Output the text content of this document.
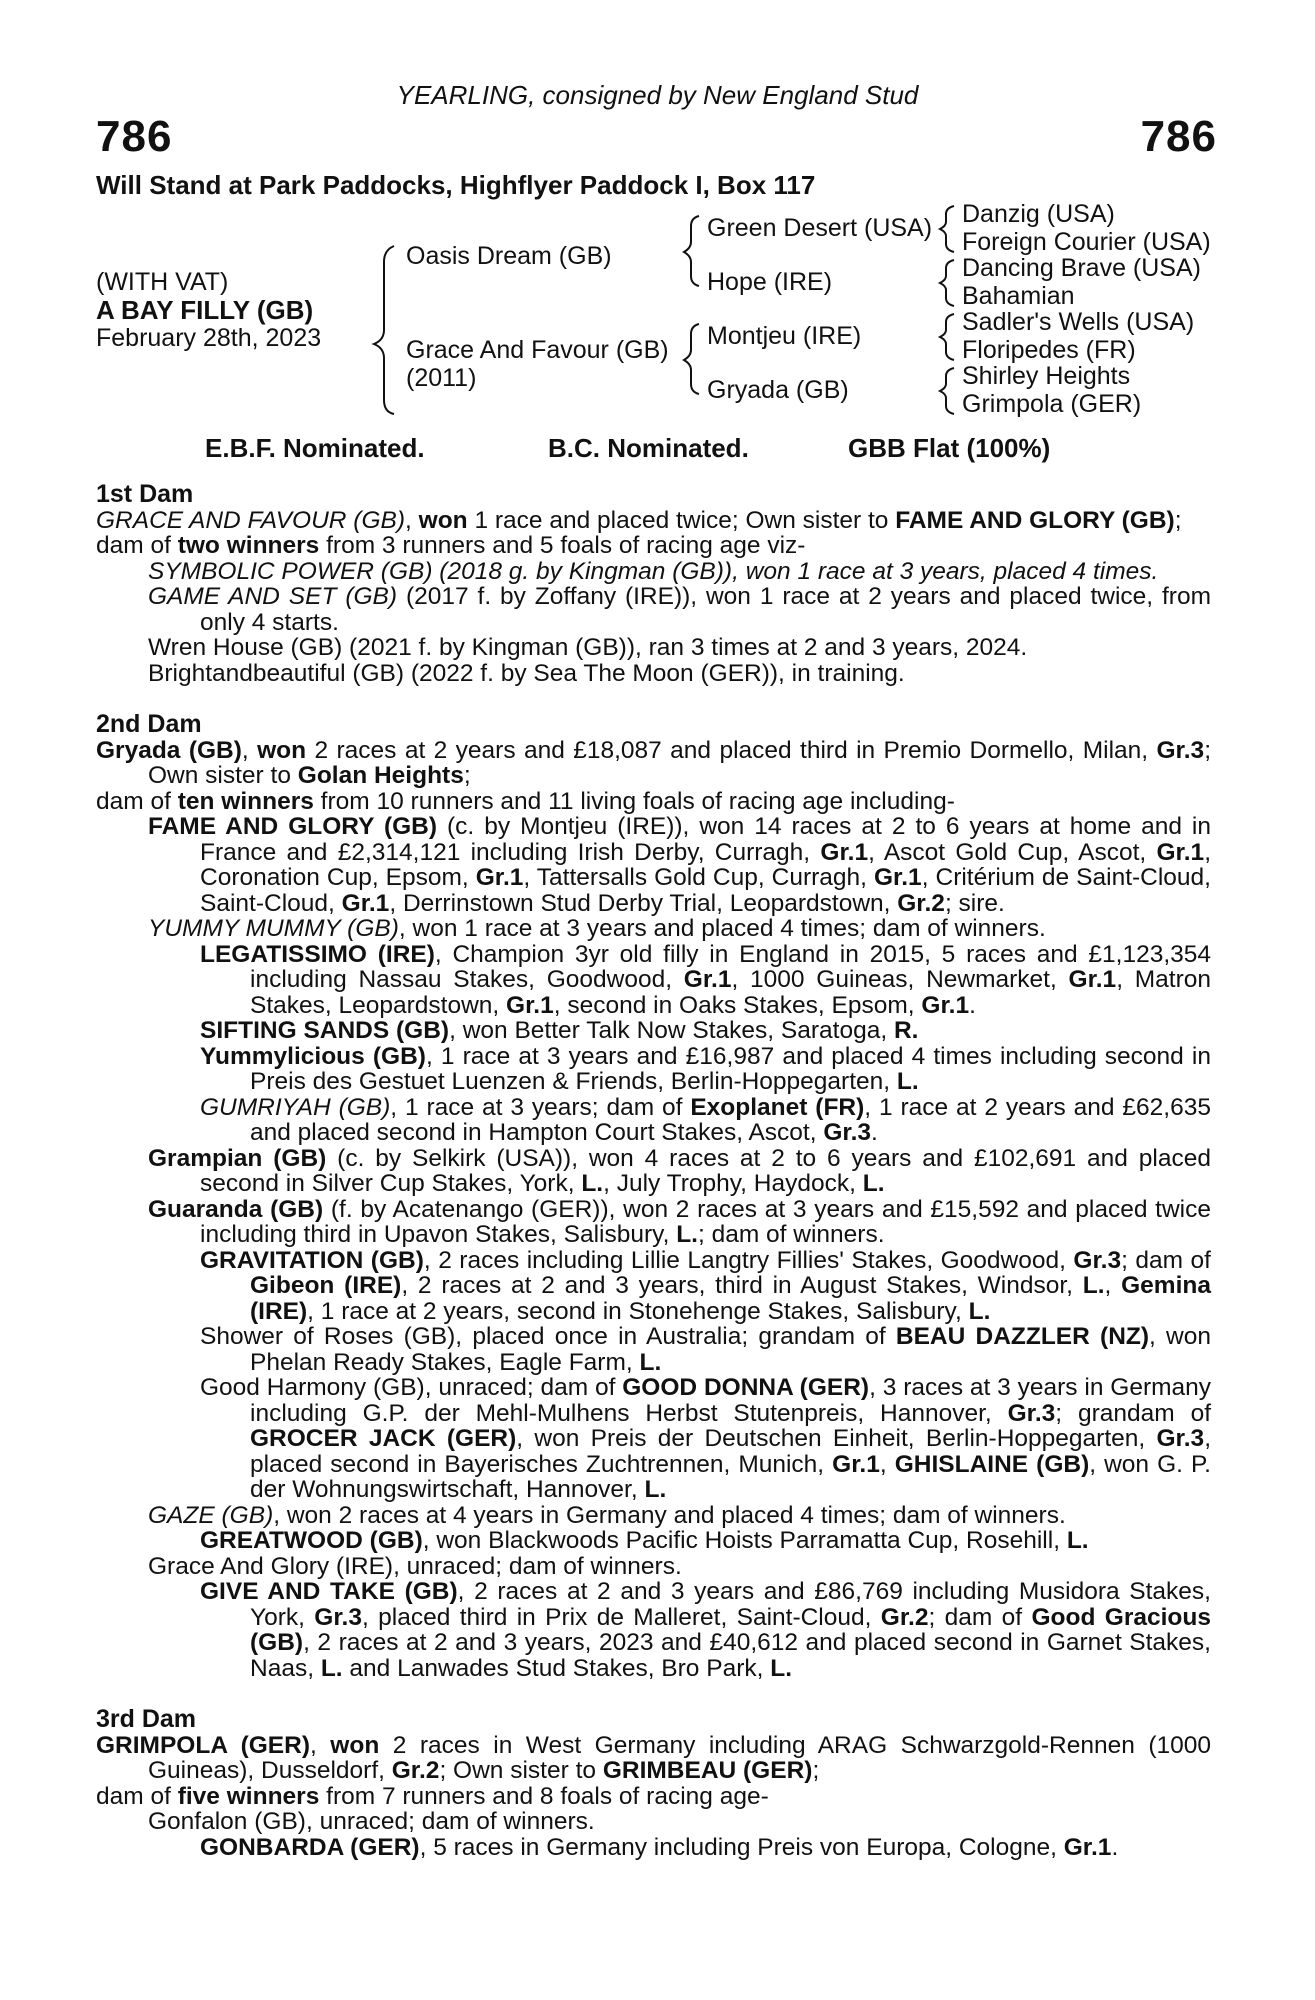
YEARLING, consigned by New England Stud
786	786
Will Stand at Park Paddocks, Highflyer Paddock I, Box 117
(WITH VAT)
A BAY FILLY (GB)
February 28th, 2023
Oasis Dream (GB)
Grace And Favour (GB)
(2011)
Green Desert (USA)
Hope (IRE)
Montjeu (IRE)
Gryada (GB)
Danzig (USA)
Foreign Courier (USA)
Dancing Brave (USA)
Bahamian
Sadler's Wells (USA)
Floripedes (FR)
Shirley Heights
Grimpola (GER)
E.B.F. Nominated.	B.C. Nominated.	GBB Flat (100%)

1st Dam

GRACE AND FAVOUR (GB), won 1 race and placed twice; Own sister to FAME AND GLORY (GB);

dam of two winners from 3 runners and 5 foals of racing age viz-

SYMBOLIC POWER (GB) (2018 g. by Kingman (GB)), won 1 race at 3 years, placed 4 times.

GAME AND SET (GB) (2017 f. by Zoffany (IRE)), won 1 race at 2 years and placed twice, from only 4 starts.

Wren House (GB) (2021 f. by Kingman (GB)), ran 3 times at 2 and 3 years, 2024.

Brightandbeautiful (GB) (2022 f. by Sea The Moon (GER)), in training.

2nd Dam

Gryada (GB), won 2 races at 2 years and £18,087 and placed third in Premio Dormello, Milan, Gr.3; Own sister to Golan Heights;

dam of ten winners from 10 runners and 11 living foals of racing age including-

FAME AND GLORY (GB) (c. by Montjeu (IRE)), won 14 races at 2 to 6 years at home and in France and £2,314,121 including Irish Derby, Curragh, Gr.1, Ascot Gold Cup, Ascot, Gr.1, Coronation Cup, Epsom, Gr.1, Tattersalls Gold Cup, Curragh, Gr.1, Critérium de Saint-Cloud, Saint-Cloud, Gr.1, Derrinstown Stud Derby Trial, Leopardstown, Gr.2; sire.

YUMMY MUMMY (GB), won 1 race at 3 years and placed 4 times; dam of winners.

LEGATISSIMO (IRE), Champion 3yr old filly in England in 2015, 5 races and £1,123,354 including Nassau Stakes, Goodwood, Gr.1, 1000 Guineas, Newmarket, Gr.1, Matron Stakes, Leopardstown, Gr.1, second in Oaks Stakes, Epsom, Gr.1.

SIFTING SANDS (GB), won Better Talk Now Stakes, Saratoga, R.

Yummylicious (GB), 1 race at 3 years and £16,987 and placed 4 times including second in Preis des Gestuet Luenzen & Friends, Berlin-Hoppegarten, L.

GUMRIYAH (GB), 1 race at 3 years; dam of Exoplanet (FR), 1 race at 2 years and £62,635 and placed second in Hampton Court Stakes, Ascot, Gr.3.

Grampian (GB) (c. by Selkirk (USA)), won 4 races at 2 to 6 years and £102,691 and placed second in Silver Cup Stakes, York, L., July Trophy, Haydock, L.

Guaranda (GB) (f. by Acatenango (GER)), won 2 races at 3 years and £15,592 and placed twice including third in Upavon Stakes, Salisbury, L.; dam of winners.

GRAVITATION (GB), 2 races including Lillie Langtry Fillies' Stakes, Goodwood, Gr.3; dam of Gibeon (IRE), 2 races at 2 and 3 years, third in August Stakes, Windsor, L., Gemina (IRE), 1 race at 2 years, second in Stonehenge Stakes, Salisbury, L.

Shower of Roses (GB), placed once in Australia; grandam of BEAU DAZZLER (NZ), won Phelan Ready Stakes, Eagle Farm, L.

Good Harmony (GB), unraced; dam of GOOD DONNA (GER), 3 races at 3 years in Germany including G.P. der Mehl-Mulhens Herbst Stutenpreis, Hannover, Gr.3; grandam of GROCER JACK (GER), won Preis der Deutschen Einheit, Berlin-Hoppegarten, Gr.3, placed second in Bayerisches Zuchtrennen, Munich, Gr.1, GHISLAINE (GB), won G. P. der Wohnungswirtschaft, Hannover, L.

GAZE (GB), won 2 races at 4 years in Germany and placed 4 times; dam of winners.

GREATWOOD (GB), won Blackwoods Pacific Hoists Parramatta Cup, Rosehill, L.

Grace And Glory (IRE), unraced; dam of winners.

GIVE AND TAKE (GB), 2 races at 2 and 3 years and £86,769 including Musidora Stakes, York, Gr.3, placed third in Prix de Malleret, Saint-Cloud, Gr.2; dam of Good Gracious (GB), 2 races at 2 and 3 years, 2023 and £40,612 and placed second in Garnet Stakes, Naas, L. and Lanwades Stud Stakes, Bro Park, L.

3rd Dam

GRIMPOLA (GER), won 2 races in West Germany including ARAG Schwarzgold-Rennen (1000 Guineas), Dusseldorf, Gr.2; Own sister to GRIMBEAU (GER);

dam of five winners from 7 runners and 8 foals of racing age-

Gonfalon (GB), unraced; dam of winners.

GONBARDA (GER), 5 races in Germany including Preis von Europa, Cologne, Gr.1.
